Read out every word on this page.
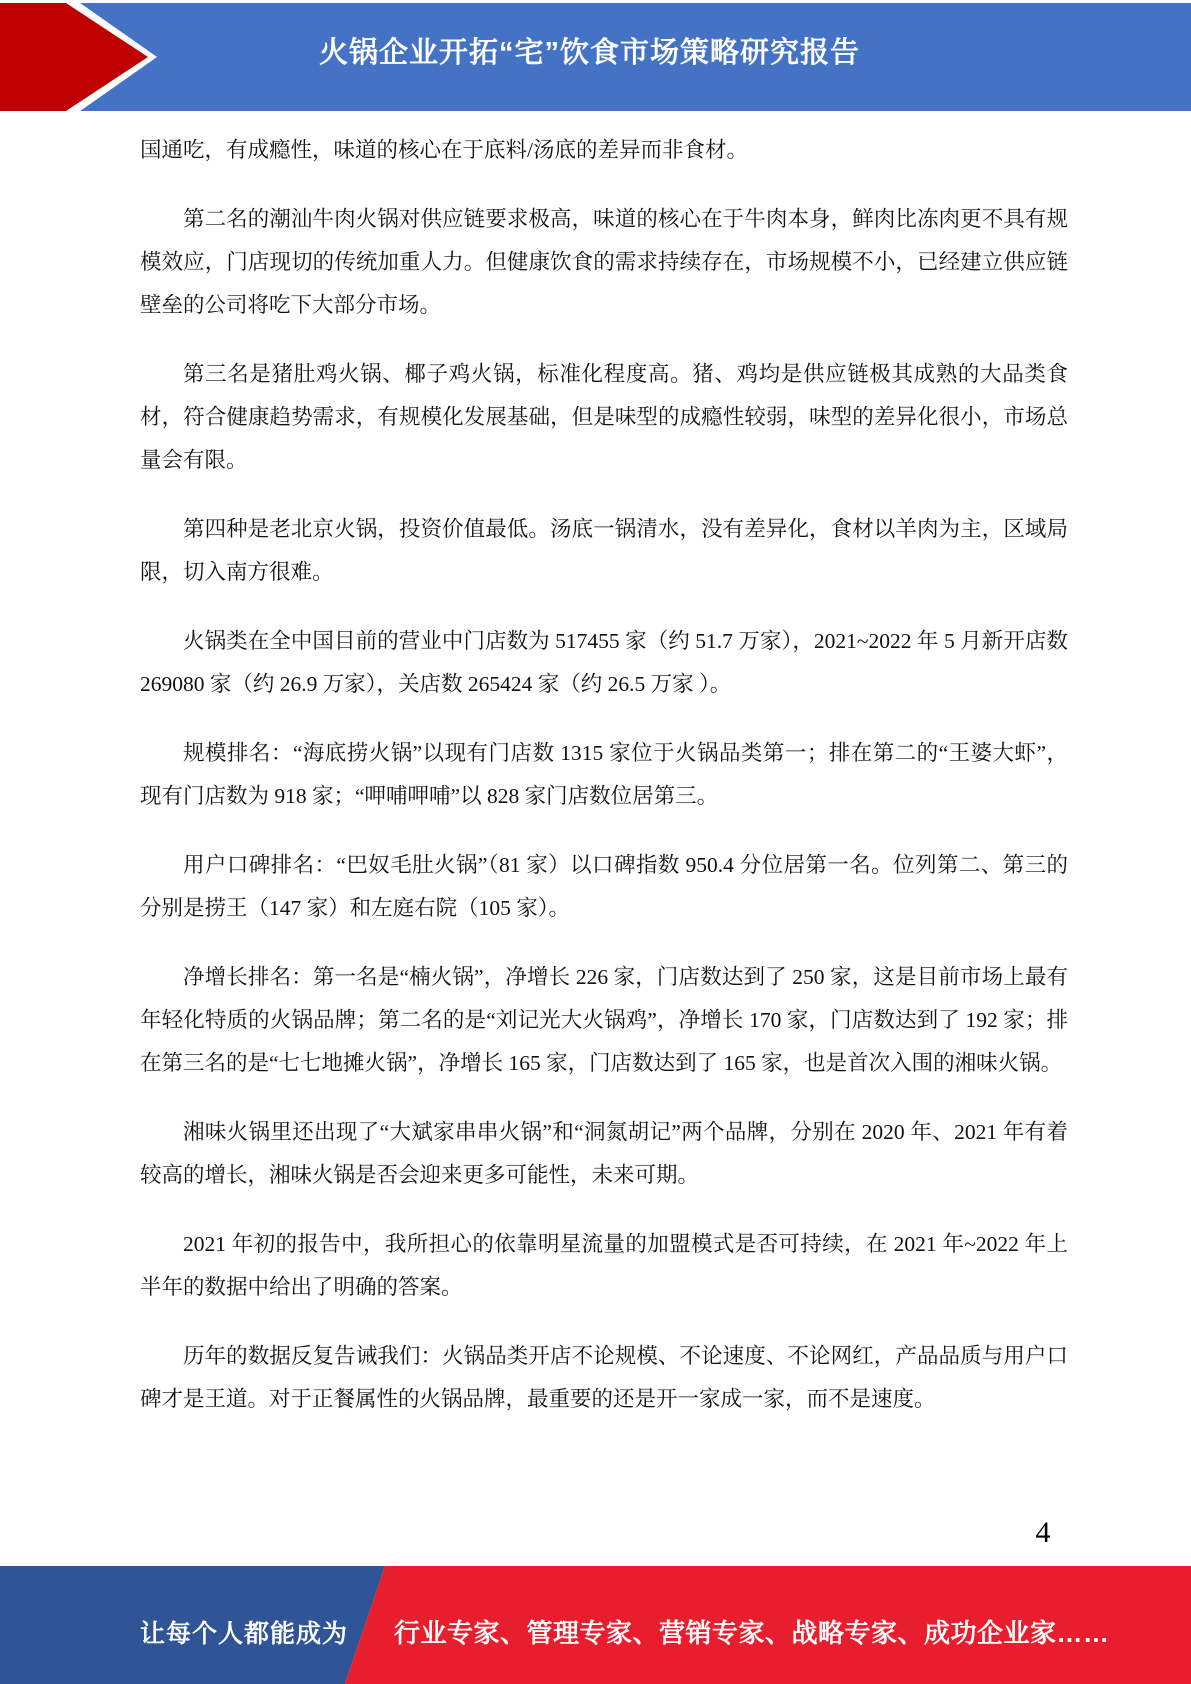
火锅企业开拓“宅”饮食市场策略研究报告

国通吃，有成瘾性，味道的核心在于底料/汤底的差异而非食材。

第二名的潮汕牛肉火锅对供应链要求极高，味道的核心在于牛肉本身，鲜肉比冻肉更不具有规模效应，门店现切的传统加重人力。但健康饮食的需求持续存在，市场规模不小，已经建立供应链壁垒的公司将吃下大部分市场。

第三名是猪肚鸡火锅、椰子鸡火锅，标准化程度高。猪、鸡均是供应链极其成熟的大品类食材，符合健康趋势需求，有规模化发展基础，但是味型的成瘾性较弱，味型的差异化很小，市场总量会有限。

第四种是老北京火锅，投资价值最低。汤底一锅清水，没有差异化，食材以羊肉为主，区域局限，切入南方很难。

火锅类在全中国目前的营业中门店数为 517455 家（约 51.7 万家），2021~2022 年 5 月新开店数 269080 家（约 26.9 万家），关店数 265424 家（约 26.5 万家 ）。

规模排名：“海底捞火锅”以现有门店数 1315 家位于火锅品类第一；排在第二的“王婆大虾”，现有门店数为 918 家；“呷哺呷哺”以 828 家门店数位居第三。

用户口碑排名：“巴奴毛肚火锅”（81 家）以口碑指数 950.4 分位居第一名。位列第二、第三的分别是捞王（147 家）和左庭右院（105 家）。

净增长排名：第一名是“楠火锅”，净增长 226 家，门店数达到了 250 家，这是目前市场上最有年轻化特质的火锅品牌；第二名的是“刘记光大火锅鸡”，净增长 170 家，门店数达到了 192 家；排在第三名的是“七七地摊火锅”，净增长 165 家，门店数达到了 165 家，也是首次入围的湘味火锅。

湘味火锅里还出现了“大斌家串串火锅”和“洞氮胡记”两个品牌，分别在 2020 年、2021 年有着较高的增长，湘味火锅是否会迎来更多可能性，未来可期。

2021 年初的报告中，我所担心的依靠明星流量的加盟模式是否可持续，在 2021 年~2022 年上半年的数据中给出了明确的答案。

历年的数据反复告诫我们：火锅品类开店不论规模、不论速度、不论网红，产品品质与用户口碑才是王道。对于正餐属性的火锅品牌，最重要的还是开一家成一家，而不是速度。

4
让每个人都能成为 行业专家、管理专家、营销专家、战略专家、成功企业家……
